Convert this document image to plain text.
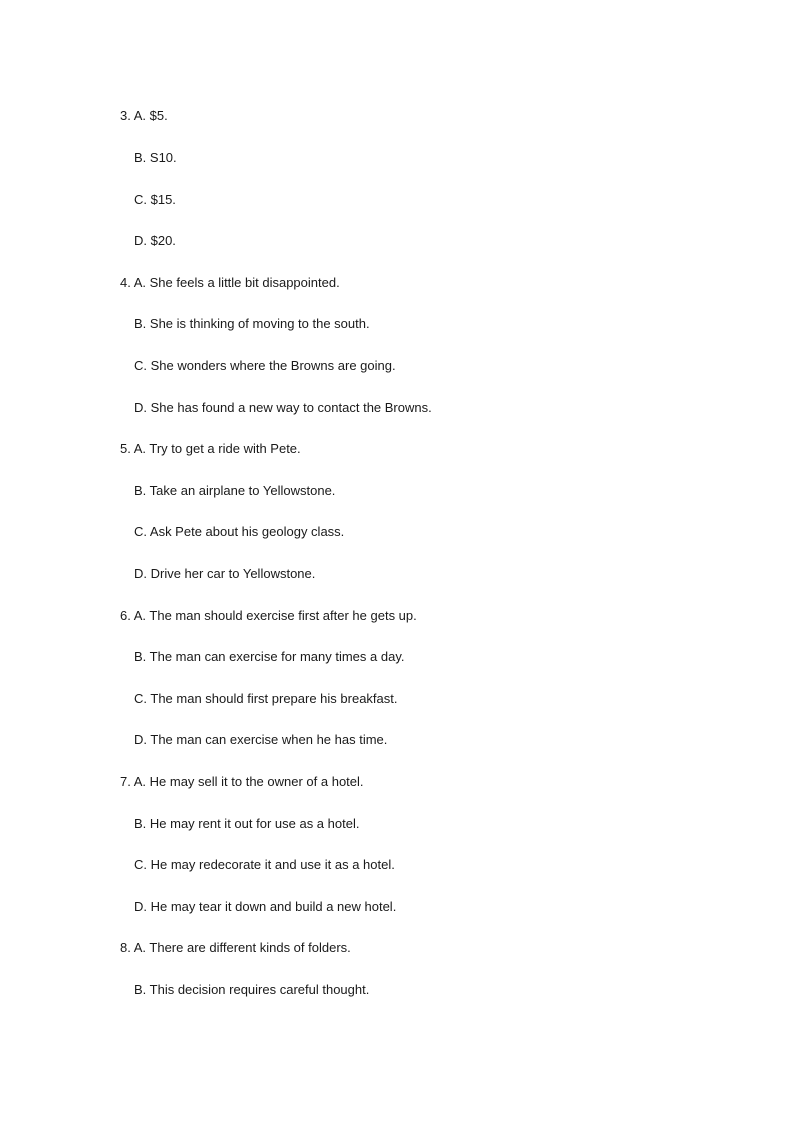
3. A. $5.
B. S10.
C. $15.
D. $20.
4. A. She feels a little bit disappointed.
B. She is thinking of moving to the south.
C. She wonders where the Browns are going.
D. She has found a new way to contact the Browns.
5. A. Try to get a ride with Pete.
B. Take an airplane to Yellowstone.
C. Ask Pete about his geology class.
D. Drive her car to Yellowstone.
6. A. The man should exercise first after he gets up.
B. The man can exercise for many times a day.
C. The man should first prepare his breakfast.
D. The man can exercise when he has time.
7. A. He may sell it to the owner of a hotel.
B. He may rent it out for use as a hotel.
C. He may redecorate it and use it as a hotel.
D. He may tear it down and build a new hotel.
8. A. There are different kinds of folders.
B. This decision requires careful thought.
